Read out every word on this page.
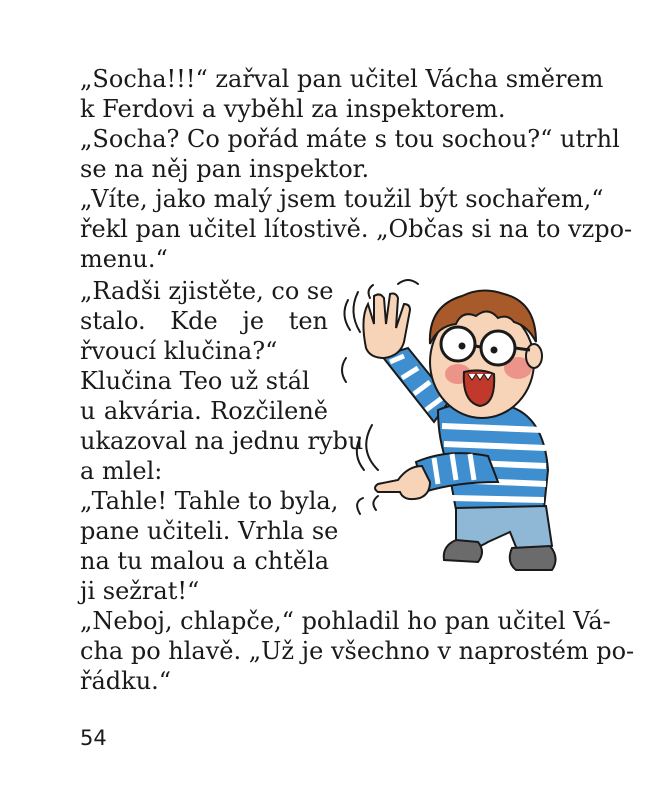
„Socha!!!“ zařval pan učitel Vácha směrem

k Ferdovi a vyběhl za inspektorem.

„Socha? Co pořád máte s tou sochou?“ utrhl

se na něj pan inspektor.

„Víte, jako malý jsem toužil být sochařem,“

řekl pan učitel lítostivě. „Občas si na to vzpo-

menu.“

„Radši zjistěte, co se

stalo. Kde je ten

řvoucí klučina?“

Klučina Teo už stál

u akvária. Rozčileně

ukazoval na jednu rybu

a mlel:

„Tahle! Tahle to byla,

pane učiteli. Vrhla se

na tu malou a chtěla

ji sežrat!“

„Neboj, chlapče,“ pohladil ho pan učitel Vá-

cha po hlavě. „Už je všechno v naprostém po-

řádku.“

54
